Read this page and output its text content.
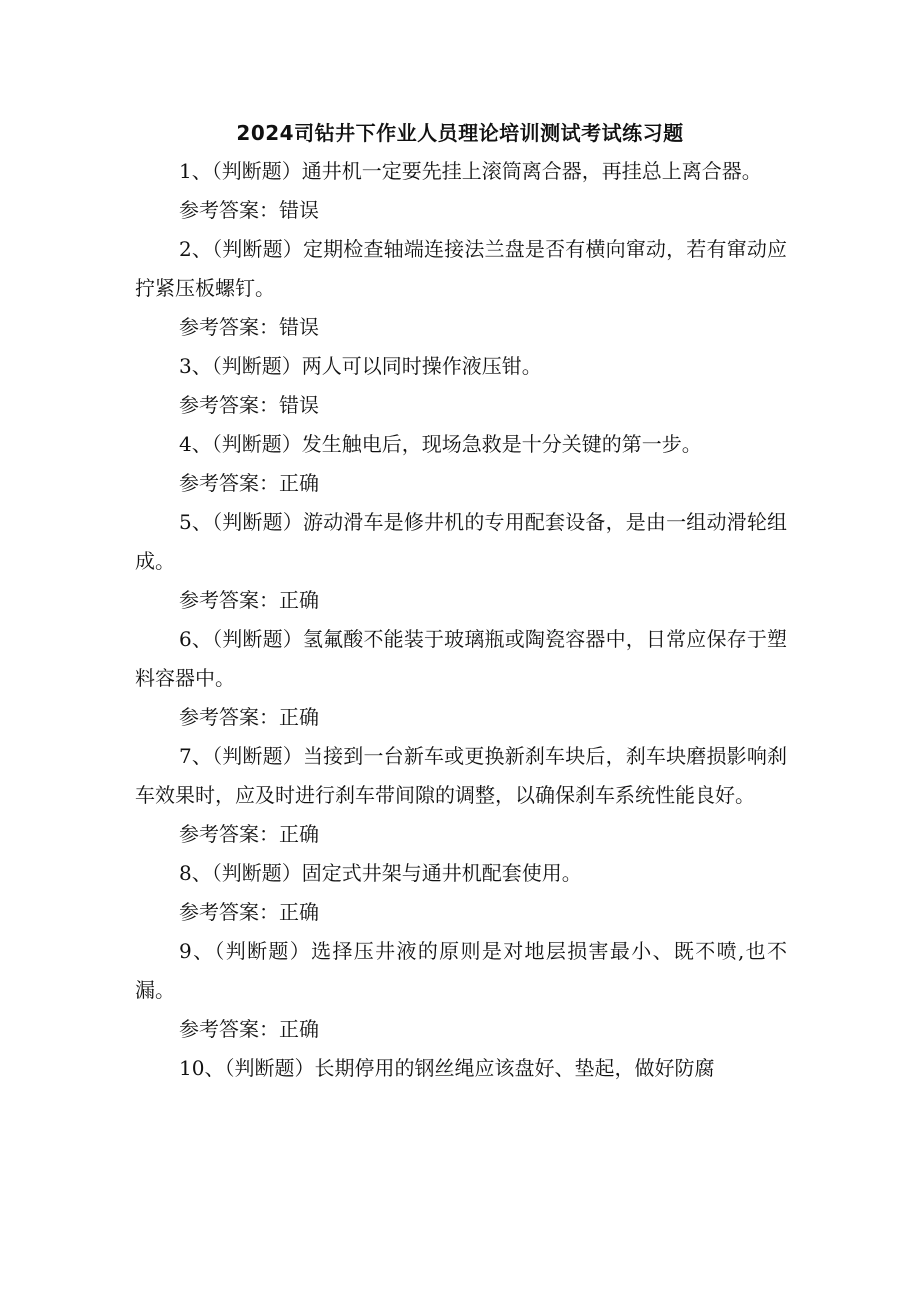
2024司钻井下作业人员理论培训测试考试练习题

1、（判断题）通井机一定要先挂上滚筒离合器，再挂总上离合器。

参考答案：错误

2、（判断题）定期检查轴端连接法兰盘是否有横向窜动，若有窜动应拧紧压板螺钉。

参考答案：错误

3、（判断题）两人可以同时操作液压钳。

参考答案：错误

4、（判断题）发生触电后，现场急救是十分关键的第一步。

参考答案：正确

5、（判断题）游动滑车是修井机的专用配套设备，是由一组动滑轮组成。

参考答案：正确

6、（判断题）氢氟酸不能装于玻璃瓶或陶瓷容器中，日常应保存于塑料容器中。

参考答案：正确

7、（判断题）当接到一台新车或更换新刹车块后，刹车块磨损影响刹车效果时，应及时进行刹车带间隙的调整，以确保刹车系统性能良好。

参考答案：正确

8、（判断题）固定式井架与通井机配套使用。

参考答案：正确

9、（判断题）选择压井液的原则是对地层损害最小、既不喷,也不漏。

参考答案：正确

10、（判断题）长期停用的钢丝绳应该盘好、垫起，做好防腐
